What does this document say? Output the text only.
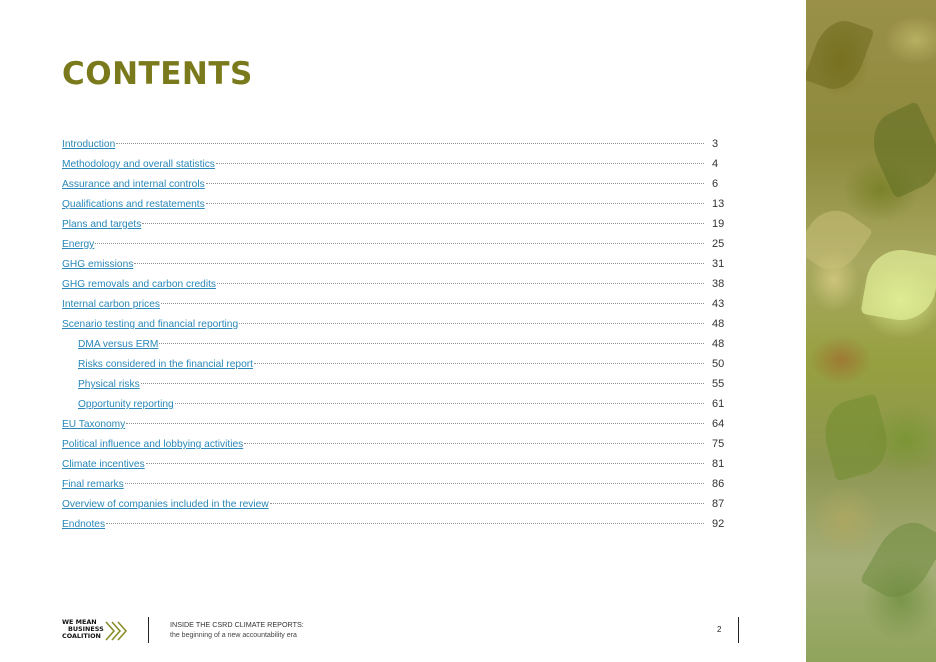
CONTENTS
Introduction	3
Methodology and overall statistics	4
Assurance and internal controls	6
Qualifications and restatements	13
Plans and targets	19
Energy	25
GHG emissions	31
GHG removals and carbon credits	38
Internal carbon prices	43
Scenario testing and financial reporting	48
DMA versus ERM	48
Risks considered in the financial report	50
Physical risks	55
Opportunity reporting	61
EU Taxonomy	64
Political influence and lobbying activities	75
Climate incentives	81
Final remarks	86
Overview of companies included in the review	87
Endnotes	92
WE MEAN
BUSINESS
COALITION
INSIDE THE CSRD CLIMATE REPORTS:
the beginning of a new accountability era
2
